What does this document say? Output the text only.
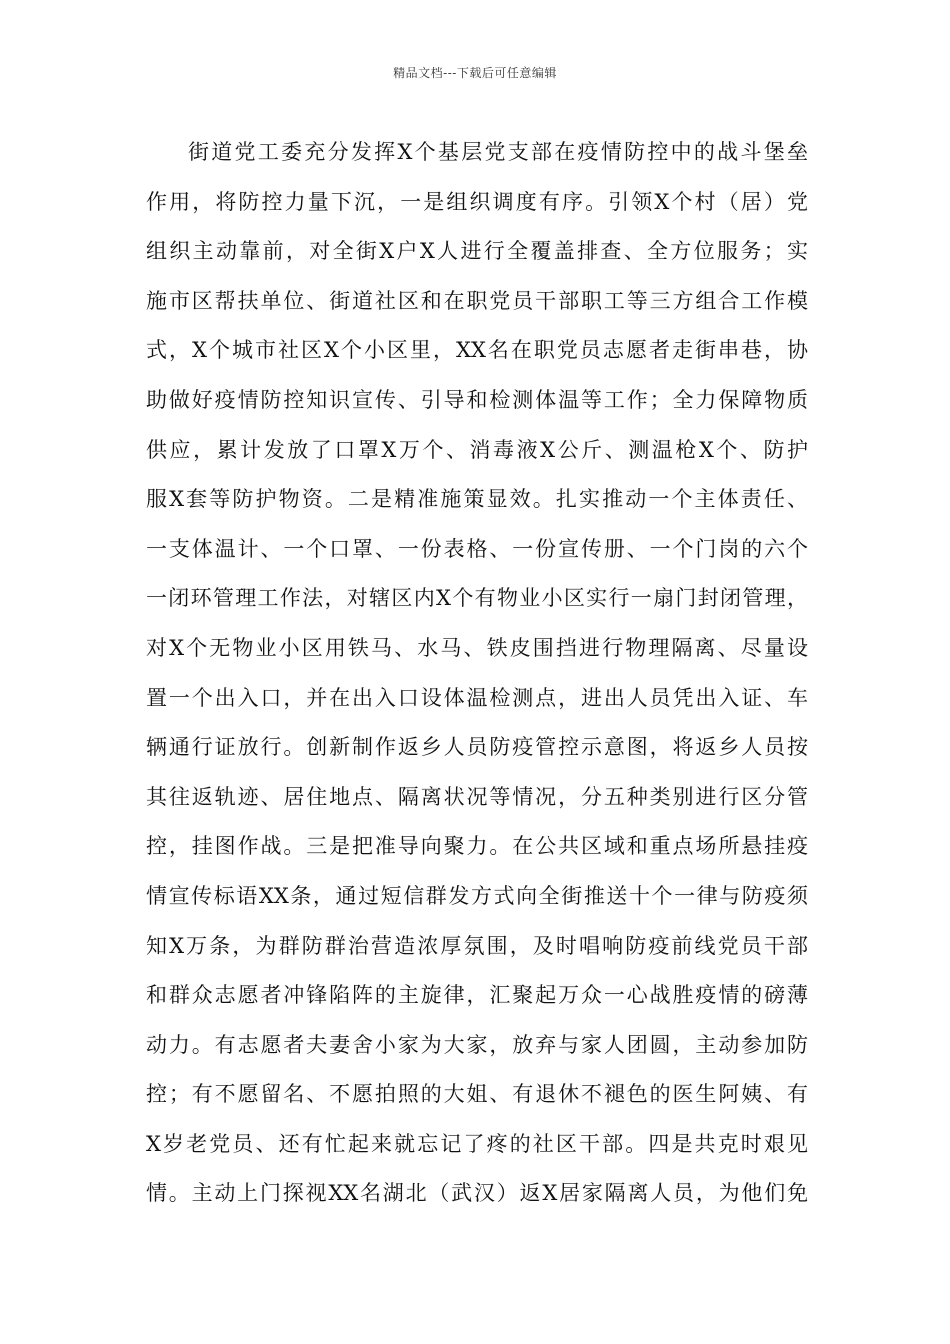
精品文档---下载后可任意编辑
街道党工委充分发挥X个基层党支部在疫情防控中的战斗堡垒
作用，将防控力量下沉，一是组织调度有序。引领X个村（居）党
组织主动靠前，对全街X户X人进行全覆盖排查、全方位服务；实
施市区帮扶单位、街道社区和在职党员干部职工等三方组合工作模
式，X个城市社区X个小区里，XX名在职党员志愿者走街串巷，协
助做好疫情防控知识宣传、引导和检测体温等工作；全力保障物质
供应，累计发放了口罩X万个、消毒液X公斤、测温枪X个、防护
服X套等防护物资。二是精准施策显效。扎实推动一个主体责任、
一支体温计、一个口罩、一份表格、一份宣传册、一个门岗的六个
一闭环管理工作法，对辖区内X个有物业小区实行一扇门封闭管理，
对X个无物业小区用铁马、水马、铁皮围挡进行物理隔离、尽量设
置一个出入口，并在出入口设体温检测点，进出人员凭出入证、车
辆通行证放行。创新制作返乡人员防疫管控示意图，将返乡人员按
其往返轨迹、居住地点、隔离状况等情况，分五种类别进行区分管
控，挂图作战。三是把准导向聚力。在公共区域和重点场所悬挂疫
情宣传标语XX条，通过短信群发方式向全街推送十个一律与防疫须
知X万条，为群防群治营造浓厚氛围，及时唱响防疫前线党员干部
和群众志愿者冲锋陷阵的主旋律，汇聚起万众一心战胜疫情的磅薄
动力。有志愿者夫妻舍小家为大家，放弃与家人团圆，主动参加防
控；有不愿留名、不愿拍照的大姐、有退休不褪色的医生阿姨、有
X岁老党员、还有忙起来就忘记了疼的社区干部。四是共克时艰见
情。主动上门探视XX名湖北（武汉）返X居家隔离人员，为他们免
